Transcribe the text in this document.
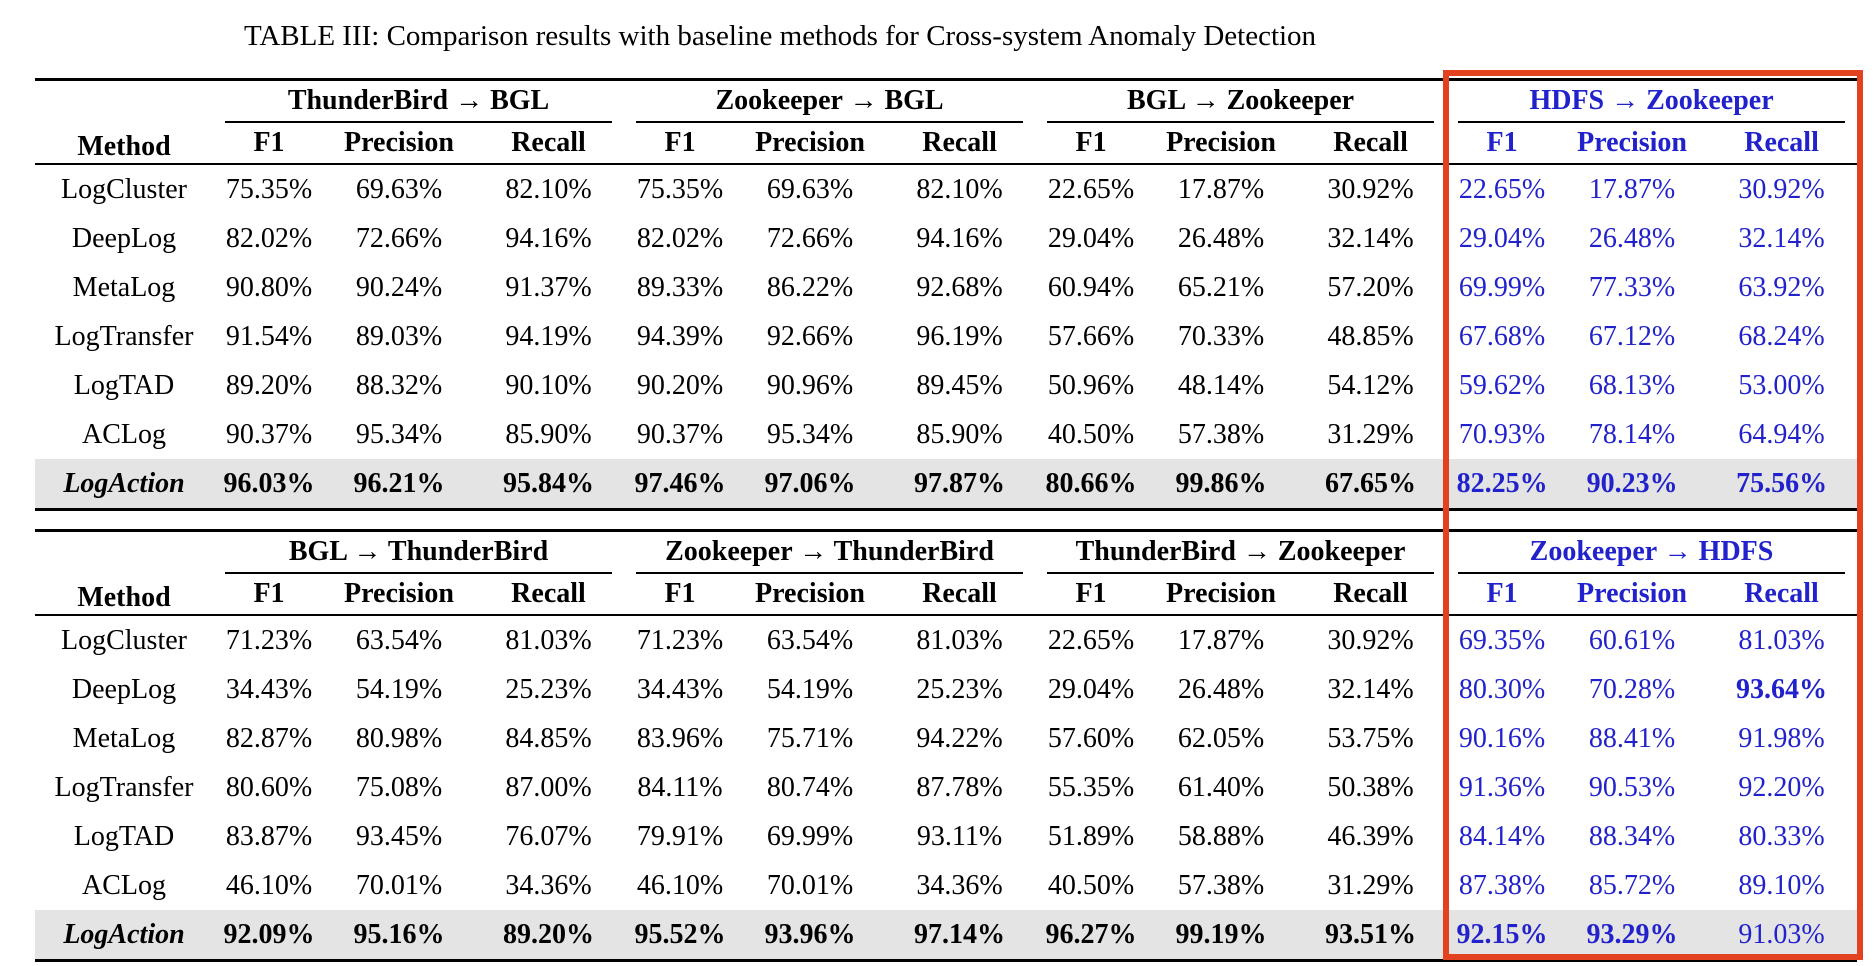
TABLE III: Comparison results with baseline methods for Cross-system Anomaly Detection
Method	ThunderBird → BGL			Zookeeper → BGL			BGL → Zookeeper			HDFS → Zookeeper		

	F1	Precision	Recall	F1	Precision	Recall	F1	Precision	Recall	F1	Precision	Recall
LogCluster	75.35%	69.63%	82.10%	75.35%	69.63%	82.10%	22.65%	17.87%	30.92%	22.65%	17.87%	30.92%
DeepLog	82.02%	72.66%	94.16%	82.02%	72.66%	94.16%	29.04%	26.48%	32.14%	29.04%	26.48%	32.14%
MetaLog	90.80%	90.24%	91.37%	89.33%	86.22%	92.68%	60.94%	65.21%	57.20%	69.99%	77.33%	63.92%
LogTransfer	91.54%	89.03%	94.19%	94.39%	92.66%	96.19%	57.66%	70.33%	48.85%	67.68%	67.12%	68.24%
LogTAD	89.20%	88.32%	90.10%	90.20%	90.96%	89.45%	50.96%	48.14%	54.12%	59.62%	68.13%	53.00%
ACLog	90.37%	95.34%	85.90%	90.37%	95.34%	85.90%	40.50%	57.38%	31.29%	70.93%	78.14%	64.94%
LogAction	96.03%	96.21%	95.84%	97.46%	97.06%	97.87%	80.66%	99.86%	67.65%	82.25%	90.23%	75.56%
Method	BGL → ThunderBird			Zookeeper → ThunderBird			ThunderBird → Zookeeper			Zookeeper → HDFS		

	F1	Precision	Recall	F1	Precision	Recall	F1	Precision	Recall	F1	Precision	Recall
LogCluster	71.23%	63.54%	81.03%	71.23%	63.54%	81.03%	22.65%	17.87%	30.92%	69.35%	60.61%	81.03%
DeepLog	34.43%	54.19%	25.23%	34.43%	54.19%	25.23%	29.04%	26.48%	32.14%	80.30%	70.28%	93.64%
MetaLog	82.87%	80.98%	84.85%	83.96%	75.71%	94.22%	57.60%	62.05%	53.75%	90.16%	88.41%	91.98%
LogTransfer	80.60%	75.08%	87.00%	84.11%	80.74%	87.78%	55.35%	61.40%	50.38%	91.36%	90.53%	92.20%
LogTAD	83.87%	93.45%	76.07%	79.91%	69.99%	93.11%	51.89%	58.88%	46.39%	84.14%	88.34%	80.33%
ACLog	46.10%	70.01%	34.36%	46.10%	70.01%	34.36%	40.50%	57.38%	31.29%	87.38%	85.72%	89.10%
LogAction	92.09%	95.16%	89.20%	95.52%	93.96%	97.14%	96.27%	99.19%	93.51%	92.15%	93.29%	91.03%
